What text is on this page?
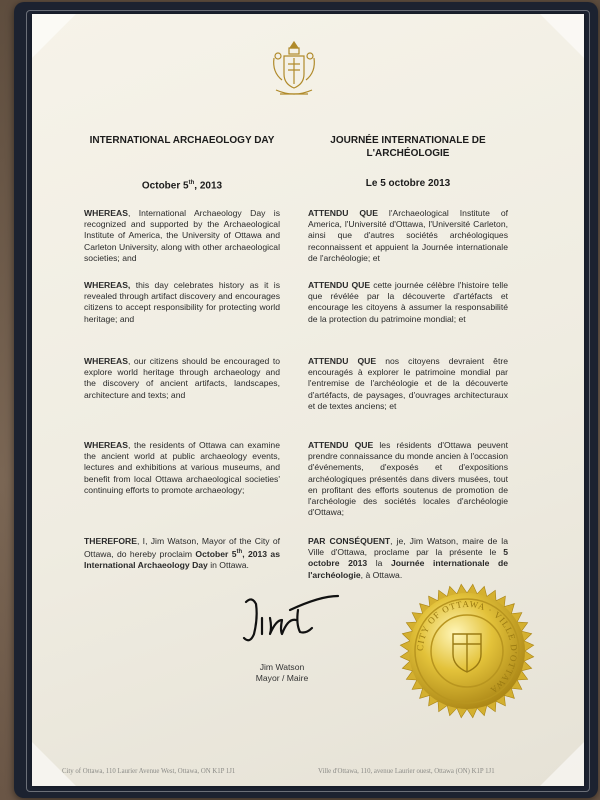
INTERNATIONAL ARCHAEOLOGY DAY
October 5th, 2013
WHEREAS, International Archaeology Day is recognized and supported by the Archaeological Institute of America, the University of Ottawa and Carleton University, along with other archaeological societies; and
WHEREAS, this day celebrates history as it is revealed through artifact discovery and encourages citizens to accept responsibility for protecting world heritage; and
WHEREAS, our citizens should be encouraged to explore world heritage through archaeology and the discovery of ancient artifacts, landscapes, architecture and texts; and
WHEREAS, the residents of Ottawa can examine the ancient world at public archaeology events, lectures and exhibitions at various museums, and benefit from local Ottawa archaeological societies' continuing efforts to promote archaeology;
THEREFORE, I, Jim Watson, Mayor of the City of Ottawa, do hereby proclaim October 5th, 2013 as International Archaeology Day in Ottawa.
JOURNÉE INTERNATIONALE DE
L'ARCHÉOLOGIE
Le 5 octobre 2013
ATTENDU QUE l'Archaeological Institute of America, l'Université d'Ottawa, l'Université Carleton, ainsi que d'autres sociétés archéologiques reconnaissent et appuient la Journée internationale de l'archéologie; et
ATTENDU QUE cette journée célèbre l'histoire telle que révélée par la découverte d'artéfacts et encourage les citoyens à assumer la responsabilité de la protection du patrimoine mondial; et
ATTENDU QUE nos citoyens devraient être encouragés à explorer le patrimoine mondial par l'entremise de l'archéologie et de la découverte d'artéfacts, de paysages, d'ouvrages architecturaux et de textes anciens; et
ATTENDU QUE les résidents d'Ottawa peuvent prendre connaissance du monde ancien à l'occasion d'événements, d'exposés et d'expositions archéologiques présentés dans divers musées, tout en profitant des efforts soutenus de promotion de l'archéologie des sociétés locales d'archéologie d'Ottawa;
PAR CONSÉQUENT, je, Jim Watson, maire de la Ville d'Ottawa, proclame par la présente le 5 octobre 2013 la Journée internationale de l'archéologie, à Ottawa.
Jim Watson
Mayor / Maire
CITY OF OTTAWA · VILLE D'OTTAWA
City of Ottawa, 110 Laurier Avenue West, Ottawa, ON K1P 1J1	Ville d'Ottawa, 110, avenue Laurier ouest, Ottawa (ON) K1P 1J1
